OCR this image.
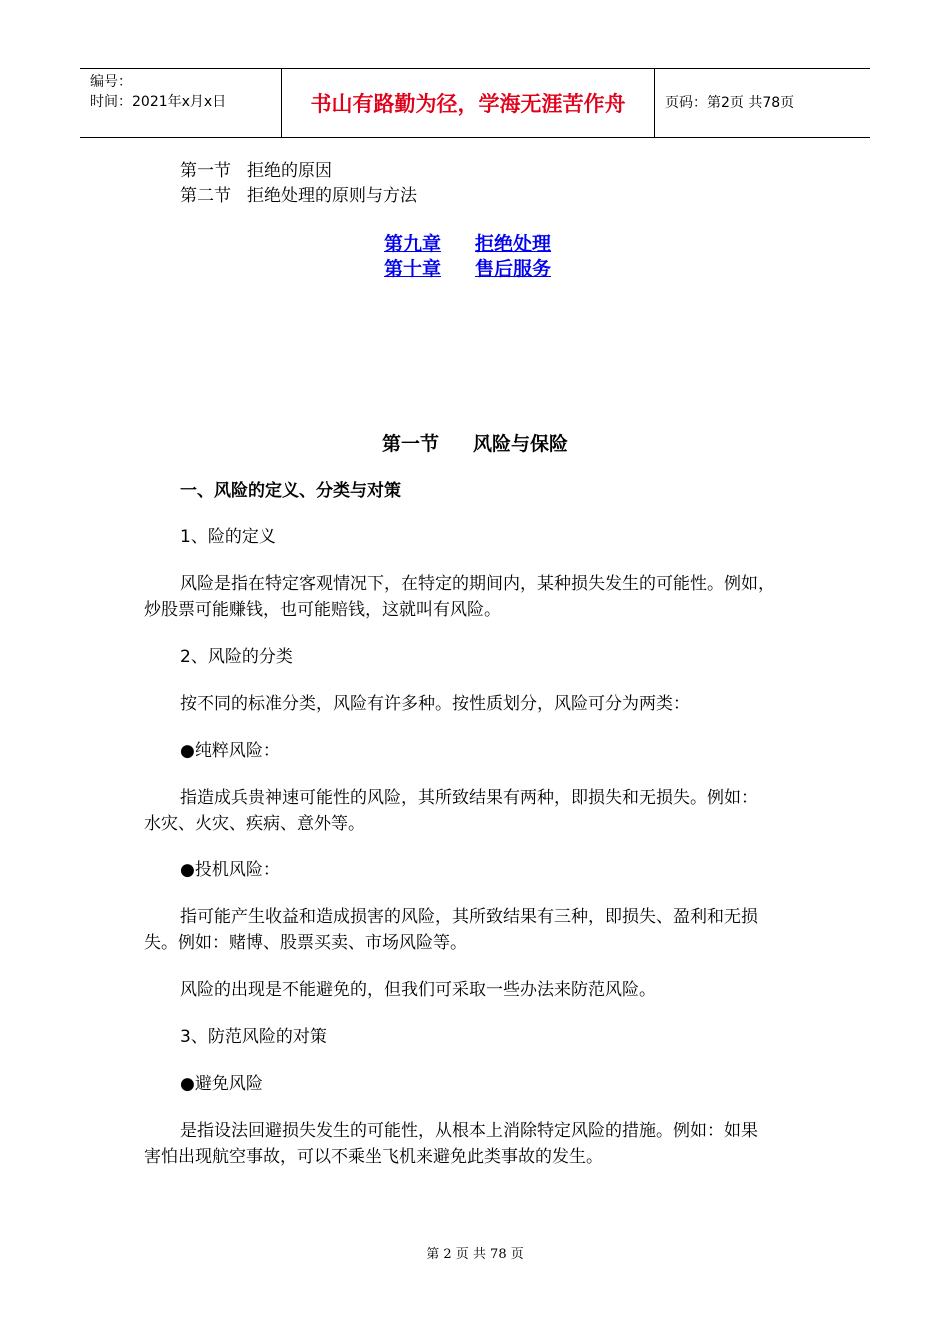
编号：
时间：2021年x月x日	书山有路勤为径，学海无涯苦作舟	页码：第2页 共78页
第一节 拒绝的原因
第二节 拒绝处理的原则与方法
第九章 拒绝处理
第十章 售后服务
第一节 风险与保险
一、风险的定义、分类与对策
1、险的定义
风险是指在特定客观情况下，在特定的期间内，某种损失发生的可能性。例如，
炒股票可能赚钱，也可能赔钱，这就叫有风险。
2、风险的分类
按不同的标准分类，风险有许多种。按性质划分，风险可分为两类：
●纯粹风险：
指造成兵贵神速可能性的风险，其所致结果有两种，即损失和无损失。例如：
水灾、火灾、疾病、意外等。
●投机风险：
指可能产生收益和造成损害的风险，其所致结果有三种，即损失、盈利和无损
失。例如：赌博、股票买卖、市场风险等。
风险的出现是不能避免的，但我们可采取一些办法来防范风险。
3、防范风险的对策
●避免风险
是指设法回避损失发生的可能性，从根本上消除特定风险的措施。例如：如果
害怕出现航空事故，可以不乘坐飞机来避免此类事故的发生。
第 2 页 共 78 页
